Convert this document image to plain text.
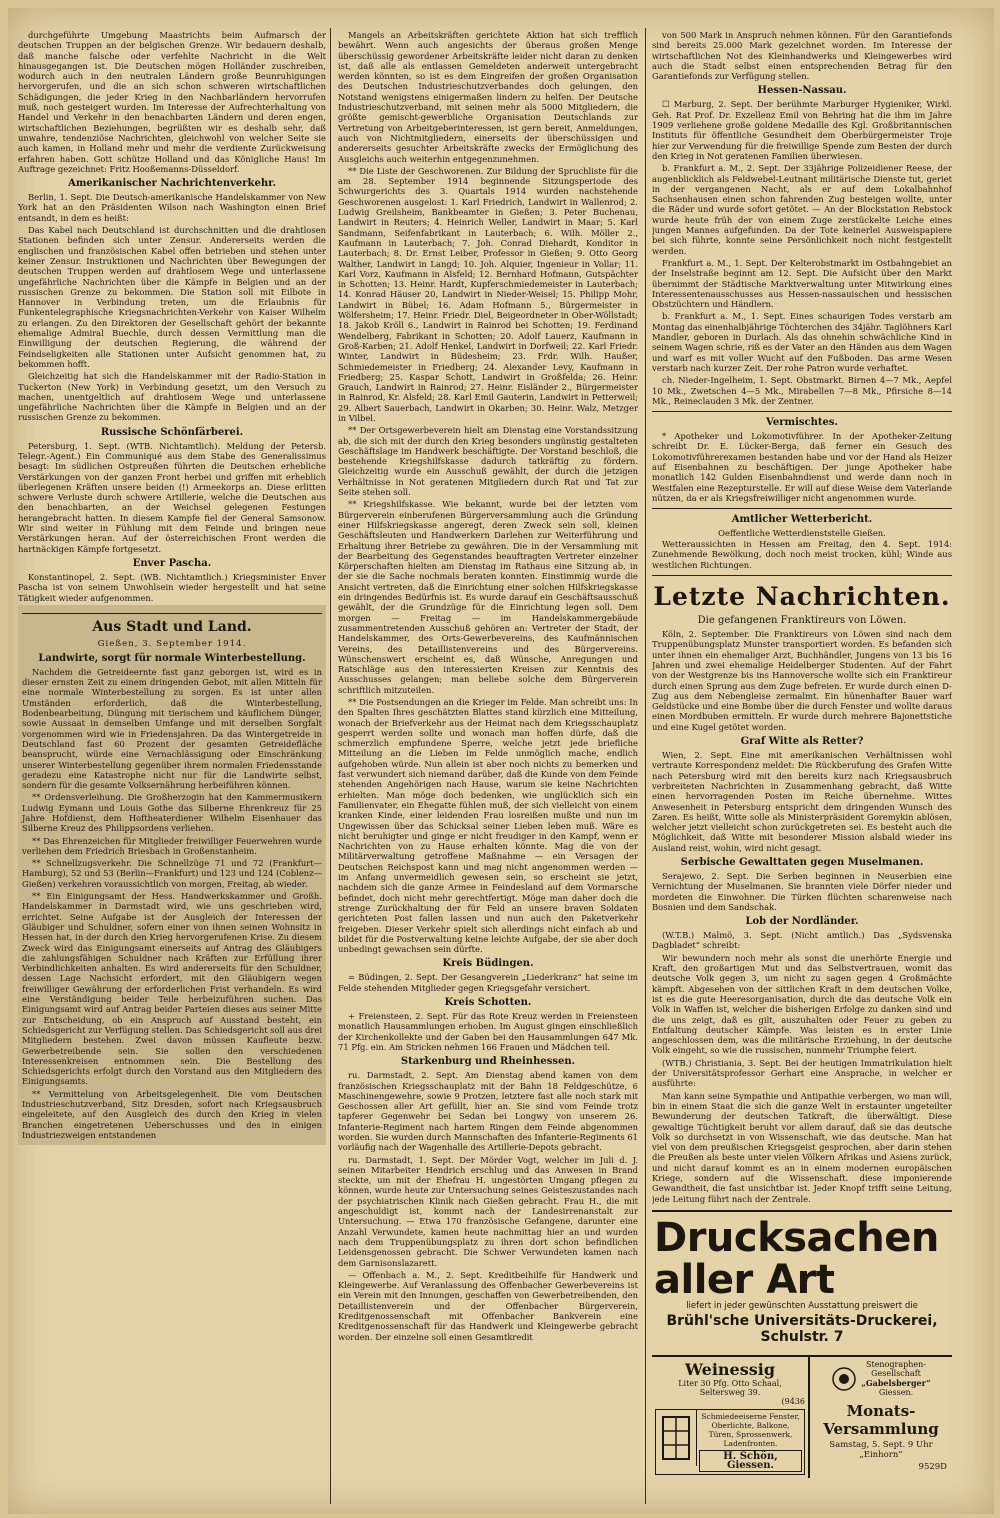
durchgeführte Umgebung Maastrichts beim Aufmarsch der deutschen Truppen an der belgischen Grenze. Wir bedauern deshalb, daß manche falsche oder verfehlte Nachricht in die Welt hinausgegangen ist. Die Deutschen mögen Holländer zuschreiben, wodurch auch in den neutralen Ländern große Beunruhigungen hervorgerufen, und die an sich schon schweren wirtschaftlichen Schädigungen, die jeder Krieg in den Nachbarländern hervorrufen muß, noch gesteigert wurden. Im Interesse der Aufrechterhaltung von Handel und Verkehr in den benachbarten Ländern und deren engen, wirtschaftlichen Beziehungen, begrüßten wir es deshalb sehr, daß unwahre, tendenziöse Nachrichten, gleichwohl von welcher Seite sie auch kamen, in Holland mehr und mehr die verdiente Zurückweisung erfahren haben. Gott schütze Holland und das Königliche Haus! Im Auftrage gezeichnet: Fritz Hooßemanns-Düsseldorf.

Amerikanischer Nachrichtenverkehr.

Berlin, 1. Sept. Die Deutsch-amerikanische Handelskammer von New York hat an den Präsidenten Wilson nach Washington einen Brief entsandt, in dem es heißt:

Das Kabel nach Deutschland ist durchschnitten und die drahtlosen Stationen befinden sich unter Zensur. Andererseits werden die englischen und französischen Kabel offen betrieben und stehen unter keiner Zensur. Instruktionen und Nachrichten über Bewegungen der deutschen Truppen werden auf drahtlosem Wege und unterlassene ungefährliche Nachrichten über die Kämpfe in Belgien und an der russischen Grenze zu bekommen. Die Station soll mit Eilbote in Hannover in Verbindung treten, um die Erlaubnis für Funkentelegraphische Kriegsnachrichten-Verkehr von Kaiser Wilhelm zu erlangen. Zu den Direktoren der Gesellschaft gehört der bekannte ehemalige Admiral Buechle, durch dessen Vermittlung man die Einwilligung der deutschen Regierung, die während der Feindseligkeiten alle Stationen unter Aufsicht genommen hat, zu bekommen hofft.

Gleichzeitig hat sich die Handelskammer mit der Radio-Station in Tuckerton (New York) in Verbindung gesetzt, um den Versuch zu machen, unentgeltlich auf drahtlosem Wege und unterlassene ungefährliche Nachrichten über die Kämpfe in Belgien und an der russischen Grenze zu bekommen.

Russische Schönfärberei.

Petersburg, 1. Sept. (WTB. Nichtamtlich). Meldung der Petersb. Telegr.-Agent.) Ein Communiqué aus dem Stabe des Generalissimus besagt: Im südlichen Ostpreußen führten die Deutschen erhebliche Verstärkungen von der ganzen Front herbei und griffen mit erheblich überlegenen Kräften unsere beiden (!) Armeekorps an. Diese erlitten schwere Verluste durch schwere Artillerie, welche die Deutschen aus den benachbarten, an der Weichsel gelegenen Festungen herangebracht hatten. In diesem Kampfe fiel der General Samsonow. Wir sind weiter in Fühlung mit dem Feinde und bringen neue Verstärkungen heran. Auf der österreichischen Front werden die hartnäckigen Kämpfe fortgesetzt.

Enver Pascha.

Konstantinopel, 2. Sept. (WB. Nichtamtlich.) Kriegsminister Enver Pascha ist von seinem Unwohlsein wieder hergestellt und hat seine Tätigkeit wieder aufgenommen.

Aus Stadt und Land.
Gießen, 3. September 1914.
Landwirte, sorgt für normale Winterbestellung.

Nachdem die Getreideernte fast ganz geborgen ist, wird es in dieser ernsten Zeit zu einem dringenden Gebot, mit allen Mitteln für eine normale Winterbestellung zu sorgen. Es ist unter allen Umständen erforderlich, daß die Winterbestellung, Bodenbearbeitung, Düngung mit tierischem und käuflichem Dünger, sowie Aussaat in demselben Umfange und mit derselben Sorgfalt vorgenommen wird wie in Friedensjahren. Da das Wintergetreide in Deutschland fast 60 Prozent der gesamten Getreidefläche beansprucht, würde eine Vernachlässigung oder Einschränkung unserer Winterbestellung gegenüber ihrem normalen Friedensstande geradezu eine Katastrophe nicht nur für die Landwirte selbst, sondern für die gesamte Volksernährung herbeiführen können.

** Ordensverleihung. Die Großherzogin hat den Kammermusikern Ludwig Eymann und Louis Gothe das Silberne Ehrenkreuz für 25 Jahre Hofdienst, dem Hoftheaterdiener Wilhelm Eisenhauer das Silberne Kreuz des Philippsordens verliehen.

** Das Ehrenzeichen für Mitglieder freiwilliger Feuerwehren wurde verliehen dem Friedrich Briesbach in Großenstanheim.

** Schnellzugsverkehr. Die Schnellzüge 71 und 72 (Frankfurt—Hamburg), 52 und 53 (Berlin—Frankfurt) und 123 und 124 (Coblenz—Gießen) verkehren voraussichtlich von morgen, Freitag, ab wieder.

** Ein Einigungsamt der Hess. Handwerkskammer und Großh. Handelskammer in Darmstadt wird, wie uns geschrieben wird, errichtet. Seine Aufgabe ist der Ausgleich der Interessen der Gläubiger und Schuldner, sofern einer von ihnen seinen Wohnsitz in Hessen hat, in der durch den Krieg hervorgerufenen Krise. Zu diesem Zweck wird das Einigungsamt einerseits auf Antrag des Gläubigers die zahlungsfähigen Schuldner nach Kräften zur Erfüllung ihrer Verbindlichkeiten anhalten. Es wird andererseits für den Schuldner, dessen Lage Nachsicht erfordert, mit den Gläubigern wegen freiwilliger Gewährung der erforderlichen Frist verhandeln. Es wird eine Verständigung beider Teile herbeizuführen suchen. Das Einigungsamt wird auf Antrag beider Parteien dieses aus seiner Mitte zur Entscheidung, ob ein Anspruch auf Ausstand besteht, ein Schiedsgericht zur Verfügung stellen. Das Schiedsgericht soll aus drei Mitgliedern bestehen. Zwei davon müssen Kaufleute bezw. Gewerbetreibende sein. Sie sollen den verschiedenen Interessenkreisen entnommen sein. Die Bestellung des Schiedsgerichts erfolgt durch den Vorstand aus den Mitgliedern des Einigungsamts.

** Vermittelung von Arbeitsgelegenheit. Die vom Deutschen Industrieschutzverband, Sitz Dresden, sofort nach Kriegsausbruch eingeleitete, auf den Ausgleich des durch den Krieg in vielen Branchen eingetretenen Ueberschusses und des in einigen Industriezweigen entstandenen

Mangels an Arbeitskräften gerichtete Aktion hat sich trefflich bewährt. Wenn auch angesichts der überaus großen Menge überschüssig gewordener Arbeitskräfte leider nicht daran zu denken ist, daß alle als entlassen Gemeldeten anderweit untergebracht werden könnten, so ist es dem Eingreifen der großen Organisation des Deutschen Industrieschutzverbandes doch gelungen, den Notstand wenigstens einigermaßen lindern zu helfen. Der Deutsche Industrieschutzverband, mit seinen mehr als 5000 Mitgliedern, die größte gemischt-gewerbliche Organisation Deutschlands zur Vertretung von Arbeitgeberinteressen, ist gern bereit, Anmeldungen, auch von Nichtmitgliedern, einerseits der überschüssigen und andererseits gesuchter Arbeitskräfte zwecks der Ermöglichung des Ausgleichs auch weiterhin entgegenzunehmen.

** Die Liste der Geschworenen. Zur Bildung der Spruchliste für die am 28. September 1914 beginnende Sitzungsperiode des Schwurgerichts des 3. Quartals 1914 wurden nachstehende Geschworenen ausgelost: 1. Karl Friedrich, Landwirt in Wallenrod; 2. Ludwig Greilsheim, Bankbeamter in Gießen; 3. Peter Buchenau, Landwirt in Reuters; 4. Heinrich Weller, Landwirt in Maar; 5. Karl Sandmann, Seifenfabrikant in Lauterbach; 6. Wilh. Möller 2., Kaufmann in Lauterbach; 7. Joh. Conrad Diehardt, Konditor in Lauterbach; 8. Dr. Ernst Leiber, Professor in Gießen; 9. Otto Georg Walther, Landwirt in Langd; 10. Joh. Alquier, Ingenieur in Vollar; 11. Karl Vorz, Kaufmann in Alsfeld; 12. Bernhard Hofmann, Gutspächter in Schotten; 13. Heinr. Hardt, Kupferschmiedemeister in Lauterbach; 14. Konrad Häuser 20, Landwirt in Nieder-Weisel; 15. Philipp Mohr, Landwirt in Bübel; 16. Adam Hofmann 5., Bürgermeister in Wölfersheim; 17. Heinr. Friedr. Diel, Beigeordneter in Ober-Wöllstadt; 18. Jakob Kröll 6., Landwirt in Rainrod bei Schotten; 19. Ferdinand Wendelberg, Fabrikant in Schotten; 20. Adolf Lauerz, Kaufmann in Groß-Karben; 21. Adolf Henkel, Landwirt in Dorfweil; 22. Karl Friedr. Winter, Landwirt in Büdesheim; 23. Frdr. Wilh. Haußer, Schmiedemeister in Friedberg; 24. Alexander Levy, Kaufmann in Friedberg; 25. Kaspar Schott, Landwirt in Großfelda; 26. Heinr. Grauch, Landwirt in Rainrod; 27. Heinr. Eisländer 2., Bürgermeister in Rainrod, Kr. Alsfeld; 28. Karl Emil Gauterin, Landwirt in Petterweil; 29. Albert Sauerbach, Landwirt in Okarben; 30. Heinr. Walz, Metzger in Vilbel.

** Der Ortsgewerbeverein hielt am Dienstag eine Vorstandssitzung ab, die sich mit der durch den Krieg besonders ungünstig gestalteten Geschäftslage im Handwerk beschäftigte. Der Vorstand beschloß, die bestehende Kriegshilfskasse dadurch tatkräftig zu fördern. Gleichzeitig wurde ein Ausschuß gewählt, der durch die jetzigen Verhältnisse in Not geratenen Mitgliedern durch Rat und Tat zur Seite stehen soll.

** Kriegshilfskasse. Wie bekannt, wurde bei der letzten vom Bürgerverein einberufenen Bürgerversammlung auch die Gründung einer Hilfskriegskasse angeregt, deren Zweck sein soll, kleinen Geschäftsleuten und Handwerkern Darlehen zur Weiterführung und Erhaltung ihrer Betriebe zu gewähren. Die in der Versammlung mit der Bearbeitung des Gegenstandes beauftragten Vertreter einzelner Körperschaften hielten am Dienstag im Rathaus eine Sitzung ab, in der sie die Sache nochmals beraten konnten. Einstimmig wurde die Ansicht vertreten, daß die Einrichtung einer solchen Hilfskriegskasse ein dringendes Bedürfnis ist. Es wurde darauf ein Geschäftsausschuß gewählt, der die Grundzüge für die Einrichtung legen soll. Dem morgen — Freitag — im Handelskammergebäude zusammentretenden Ausschuß gehören an: Vertreter der Stadt, der Handelskammer, des Orts-Gewerbevereins, des Kaufmännischen Vereins, des Detaillistenvereins und des Bürgervereins. Wünschenswert erscheint es, daß Wünsche, Anregungen und Ratschläge aus den interessierten Kreisen zur Kenntnis des Ausschusses gelangen; man beliebe solche dem Bürgerverein schriftlich mitzuteilen.

** Die Postsendungen an die Krieger im Felde. Man schreibt uns: In den Spalten Ihres geschätzten Blattes stand kürzlich eine Mitteilung, wonach der Briefverkehr aus der Heimat nach dem Kriegsschauplatz gesperrt werden sollte und wonach man hoffen dürfe, daß die schmerzlich empfundene Sperre, welche jetzt jede briefliche Mitteilung an die Lieben im Felde unmöglich mache, endlich aufgehoben würde. Nun allein ist aber noch nichts zu bemerken und fast verwundert sich niemand darüber, daß die Kunde von dem Feinde stehenden Angehörigen nach Hause, warum sie keine Nachrichten erhielten. Man möge doch bedenken, wie unglücklich sich ein Familienvater, ein Ehegatte fühlen muß, der sich vielleicht von einem kranken Kinde, einer leidenden Frau losreißen mußte und nun im Ungewissen über das Schicksal seiner Lieben leben muß. Wäre es nicht beruhigter und ginge er nicht freudiger in den Kampf, wenn er Nachrichten von zu Hause erhalten könnte. Mag die von der Militärverwaltung getroffene Maßnahme — ein Versagen der Deutschen Reichspost kann und mag nicht angenommen werden — im Anfang unvermeidlich gewesen sein, so erscheint sie jetzt, nachdem sich die ganze Armee in Feindesland auf dem Vormarsche befindet, doch nicht mehr gerechtfertigt. Möge man daher doch die strenge Zurückhaltung der für Feld an unsere braven Soldaten gerichteten Post fallen lassen und nun auch den Paketverkehr freigeben. Dieser Verkehr spielt sich allerdings nicht einfach ab und bildet für die Postverwaltung keine leichte Aufgabe, der sie aber doch unbedingt gewachsen sein dürfte.

Kreis Büdingen.

= Büdingen, 2. Sept. Der Gesangverein „Liederkranz“ hat seine im Felde stehenden Mitglieder gegen Kriegsgefahr versichert.

Kreis Schotten.

+ Freiensteen, 2. Sept. Für das Rote Kreuz werden in Freiensteen monatlich Hausammlungen erhoben. Im August gingen einschließlich der Kirchenkollekte und der Gaben bei den Hausammlungen 647 Mk. 71 Pfg. ein. Am Stricken nehmen 166 Frauen und Mädchen teil.

Starkenburg und Rheinhessen.

ru. Darmstadt, 2. Sept. Am Dienstag abend kamen von dem französischen Kriegsschauplatz mit der Bahn 18 Feldgeschütze, 6 Maschinengewehre, sowie 9 Protzen, letztere fast alle noch stark mit Geschossen aller Art gefüllt, hier an. Sie sind vom Feinde trotz tapferer Gegenwehr bei Sedan bei Longwy von unserem 26. Infanterie-Regiment nach hartem Ringen dem Feinde abgenommen worden. Sie wurden durch Mannschaften des Infanterie-Regiments 61 vorläufig nach der Wagenhalle des Artillerie-Depots gebracht.

ru. Darmstadt, 1. Sept. Der Mörder Vogt, welcher im Juli d. J. seinen Mitarbeiter Hendrich erschlug und das Anwesen in Brand steckte, um mit der Ehefrau H. ungestörten Umgang pflegen zu können, wurde heute zur Untersuchung seines Geisteszustandes nach der psychiatrischen Klinik nach Gießen gebracht. Frau H., die mit angeschuldigt ist, kommt nach der Landesirrenanstalt zur Untersuchung. — Etwa 170 französische Gefangene, darunter eine Anzahl Verwundete, kamen heute nachmittag hier an und wurden nach dem Truppenübungsplatz zu ihren dort schon befindlichen Leidensgenossen gebracht. Die Schwer Verwundeten kamen nach dem Garnisonslazarett.

— Offenbach a. M., 2. Sept. Kreditbeihilfe für Handwerk und Kleingewerbe. Auf Veranlassung des Offenbacher Gewerbevereins ist ein Verein mit den Innungen, geschaffen von Gewerbetreibenden, den Detaillistenverein und der Offenbacher Bürgerverein, Kreditgenossenschaft mit Offenbacher Bankverein eine Kreditgenossenschaft für das Handwerk und Kleingewerbe gebracht worden. Der einzelne soll einen Gesamtkredit

von 500 Mark in Anspruch nehmen können. Für den Garantiefonds sind bereits 25.000 Mark gezeichnet worden. Im Interesse der wirtschaftlichen Not des Kleinhandwerks und Kleingewerbes wird auch die Stadt selbst einen entsprechenden Betrag für den Garantiefonds zur Verfügung stellen.

Hessen-Nassau.

☐ Marburg, 2. Sept. Der berühmte Marburger Hygieniker, Wirkl. Geh. Rat Prof. Dr. Exzellenz Emil von Behring hat die ihm im Jahre 1909 verliehene große goldene Medaille des Kgl. Großbritannischen Instituts für öffentliche Gesundheit dem Oberbürgermeister Troje hier zur Verwendung für die freiwillige Spende zum Besten der durch den Krieg in Not geratenen Familien überwiesen.

b. Frankfurt a. M., 2. Sept. Der 33jährige Polizeidiener Reese, der augenblicklich als Feldwebel-Leutnant militärische Dienste tut, geriet in der vergangenen Nacht, als er auf dem Lokalbahnhof Sachsenhausen einen schon fahrenden Zug besteigen wollte, unter die Räder und wurde sofort getötet. — An der Blockstation Rebstock wurde heute früh der von einem Zuge zerstückelte Leiche eines jungen Mannes aufgefunden. Da der Tote keinerlei Ausweispapiere bei sich führte, konnte seine Persönlichkeit noch nicht festgestellt werden.

Frankfurt a. M., 1. Sept. Der Kelterobstmarkt im Ostbahngebiet an der Inselstraße beginnt am 12. Sept. Die Aufsicht über den Markt übernimmt der Städtische Marktverwaltung unter Mitwirkung eines Interessentenausschusses aus Hessen-nassauischen und hessischen Obstzüchtern und Händlern.

b. Frankfurt a. M., 1. Sept. Eines schaurigen Todes verstarb am Montag das einenhalbjährige Töchterchen des 34jähr. Taglöhners Karl Mandler, geboren in Durlach. Als das ohnehin schwächliche Kind in seinem Wagen schrie, riß es der Vater an den Händen aus dem Wagen und warf es mit voller Wucht auf den Fußboden. Das arme Wesen verstarb nach kurzer Zeit. Der rohe Patron wurde verhaftet.

ch. Nieder-Ingelheim, 1. Sept. Obstmarkt. Birnen 4—7 Mk., Aepfel 10 Mk., Zwetschen 4—5 Mk., Mirabellen 7—8 Mk., Pfirsiche 8—14 Mk., Reineclauden 3 Mk. der Zentner.

Vermischtes.

* Apotheker und Lokomotivführer. In der Apotheker-Zeitung schreibt Dr. E. Lücker-Berga, daß ferner ein Gesuch des Lokomotivführerexamen bestanden habe und vor der Hand als Heizer auf Eisenbahnen zu beschäftigen. Der junge Apotheker habe monatlich 142 Gulden Eisenbahndienst und werde dann noch in Westfalen eine Rezepturstelle. Er will auf diese Weise dem Vaterlande nützen, da er als Kriegsfreiwilliger nicht angenommen wurde.

Amtlicher Wetterbericht.
Oeffentliche Wetterdienststelle Gießen.

Wetteraussichten in Hessen am Freitag, den 4. Sept. 1914: Zunehmende Bewölkung, doch noch meist trocken, kühl; Winde aus westlichen Richtungen.

Letzte Nachrichten.
Die gefangenen Franktireurs von Löwen.

Köln, 2. September. Die Franktireurs von Löwen sind nach dem Truppenübungsplatz Munster transportiert worden. Es befanden sich unter ihnen ein ehemaliger Arzt, Buchhändler, Jungens von 13 bis 16 Jahren und zwei ehemalige Heidelberger Studenten. Auf der Fahrt von der Westgrenze bis ins Hannoversche wollte sich ein Franktireur durch einen Sprung aus dem Zuge befreien. Er wurde durch einen D-Zug aus dem Nebengleise zermalmt. Ein hünenhafter Bauer warf Geldstücke und eine Bombe über die durch Fenster und wollte daraus einen Mordbuben ermitteln. Er wurde durch mehrere Bajonettstiche und eine Kugel getötet worden.

Graf Witte als Retter?

Wien, 2. Sept. Eine mit amerikanischen Verhältnissen wohl vertraute Korrespondenz meldet: Die Rückberufung des Grafen Witte nach Petersburg wird mit den bereits kurz nach Kriegsausbruch verbreiteten Nachrichten in Zusammenhang gebracht, daß Witte einen hervorragenden Posten im Reiche übernehme. Wittes Anwesenheit in Petersburg entspricht dem dringenden Wunsch des Zaren. Es heißt, Witte solle als Ministerpräsident Goremykin ablösen, welcher jetzt vielleicht schon zurückgetreten sei. Es besteht auch die Möglichkeit, daß Witte mit besonderer Mission alsbald wieder ins Ausland reist, wohin, wird nicht gesagt.

Serbische Gewalttaten gegen Muselmanen.

Serajewo, 2. Sept. Die Serben beginnen in Neuserbien eine Vernichtung der Muselmanen. Sie brannten viele Dörfer nieder und mordeten die Einwohner. Die Türken flüchten scharenweise nach Bosnien und dem Sandschak.

Lob der Nordländer.

(W.T.B.) Malmö, 3. Sept. (Nicht amtlich.) Das „Sydsvenska Dagbladet“ schreibt:

Wir bewundern noch mehr als sonst die unerhörte Energie und Kraft, den großartigen Mut und das Selbstvertrauen, womit das deutsche Volk gegen 3, um nicht zu sagen gegen 4 Großmächte kämpft. Abgesehen von der sittlichen Kraft in dem deutschen Volke, ist es die gute Heeresorganisation, durch die das deutsche Volk ein Volk in Waffen ist, welcher die bisherigen Erfolge zu danken sind und die uns zeigt, daß es gilt, auszuhalten oder Feuer zu geben zu Entfaltung deutscher Kämpfe. Was leisten es in erster Linie angeschlossen dem, was die militärische Erziehung, in der deutsche Volk eingeht, so wie die russischen, nunmehr Triumphe feiert.

(WTB.) Christiania, 3. Sept. Bei der heutigen Immatrikulation hielt der Universitätsprofessor Gerhart eine Ansprache, in welcher er ausführte:

Man kann seine Sympathie und Antipathie verbergen, wo man will, bin in einem Staat die sich die ganze Welt in erstaunter ungeteilter Bewunderung der deutschen Tatkraft, die überwältigt. Diese gewaltige Tüchtigkeit beruht vor allem darauf, daß sie das deutsche Volk so durchsetzt in von Wissenschaft, wie das deutsche. Man hat viel von dem preußischen Kriegsgeist gesprochen, aber darin stehen die Preußen als beste unter vielen Völkern Afrikas und Asiens zurück, und nicht darauf kommt es an in einem modernen europäischen Kriege, sondern auf die Wissenschaft. diese imponierende Gewandtheit, die fast unsichtbar ist. Jeder Knopf trifft seine Leitung, jede Leitung führt nach der Zentrale.

Drucksachen aller Art
liefert in jeder gewünschten Ausstattung preiswert die
Brühl'sche Universitäts-Druckerei, Schulstr. 7
Weinessig
Liter 30 Pfg. Otto Schaal, Seltersweg 39.
(9436
Schmiedeeiserne Fenster, Oberlichte, Balkone, Türen, Sprossenwerk, Ladenfronten.
H. Schön, Giessen.
Stenographen-
Gesellschaft
„Gabelsberger“
Giessen.
Monats-Versammlung
Samstag, 5. Sept. 9 Uhr „Einhorn“
9529D
